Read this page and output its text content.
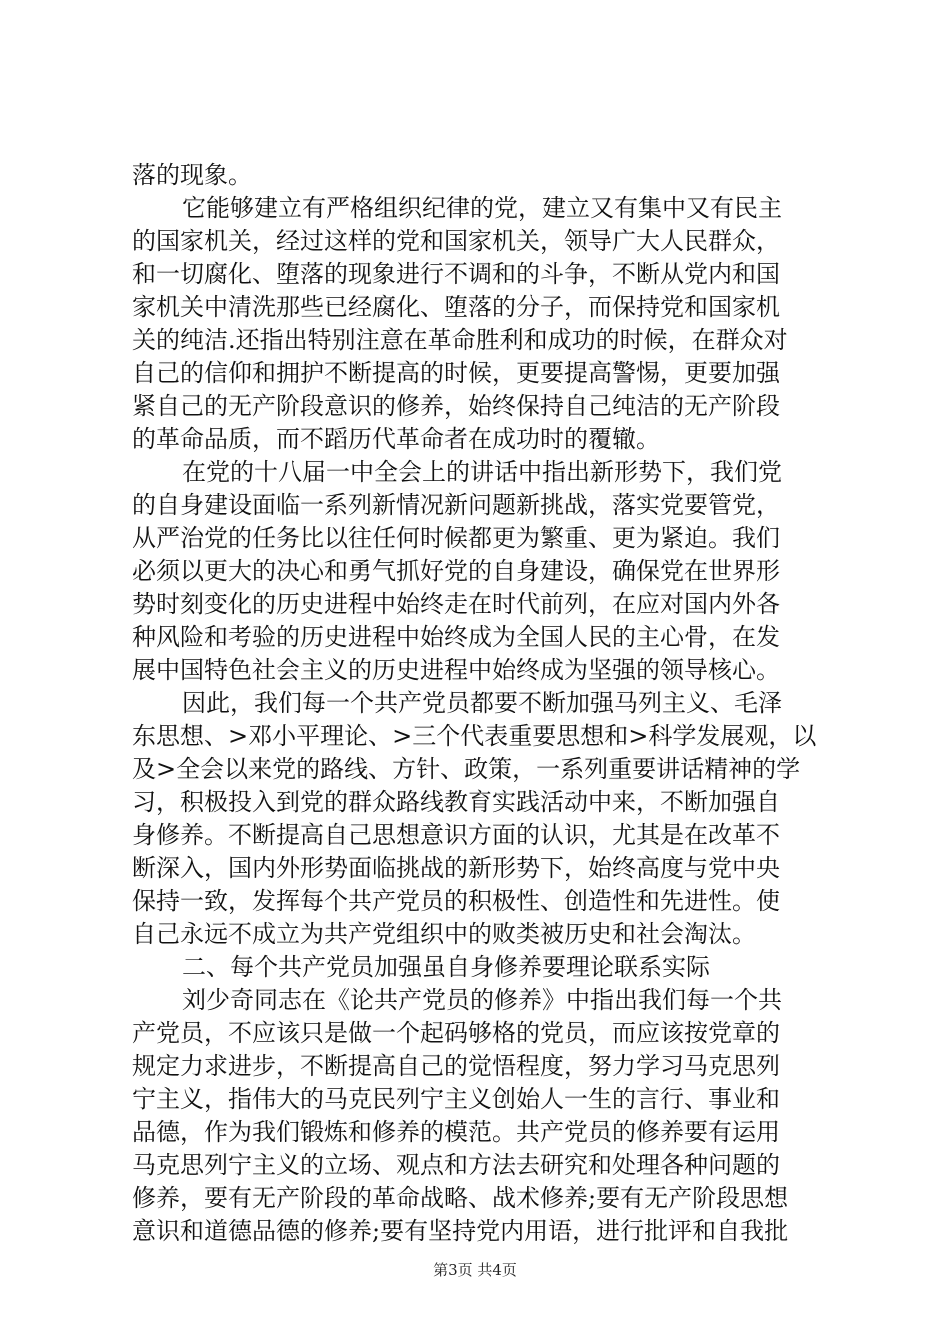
落的现象。
它能够建立有严格组织纪律的党，建立又有集中又有民主
的国家机关，经过这样的党和国家机关，领导广大人民群众，
和一切腐化、堕落的现象进行不调和的斗争，不断从党内和国
家机关中清洗那些已经腐化、堕落的分子，而保持党和国家机
关的纯洁.还指出特别注意在革命胜利和成功的时候，在群众对
自己的信仰和拥护不断提高的时候，更要提高警惕，更要加强
紧自己的无产阶段意识的修养，始终保持自己纯洁的无产阶段
的革命品质，而不蹈历代革命者在成功时的覆辙。
在党的十八届一中全会上的讲话中指出新形势下，我们党
的自身建设面临一系列新情况新问题新挑战，落实党要管党，
从严治党的任务比以往任何时候都更为繁重、更为紧迫。我们
必须以更大的决心和勇气抓好党的自身建设，确保党在世界形
势时刻变化的历史进程中始终走在时代前列，在应对国内外各
种风险和考验的历史进程中始终成为全国人民的主心骨，在发
展中国特色社会主义的历史进程中始终成为坚强的领导核心。
因此，我们每一个共产党员都要不断加强马列主义、毛泽
东思想、>邓小平理论、>三个代表重要思想和>科学发展观，以
及>全会以来党的路线、方针、政策，一系列重要讲话精神的学
习，积极投入到党的群众路线教育实践活动中来，不断加强自
身修养。不断提高自己思想意识方面的认识，尤其是在改革不
断深入，国内外形势面临挑战的新形势下，始终高度与党中央
保持一致，发挥每个共产党员的积极性、创造性和先进性。使
自己永远不成立为共产党组织中的败类被历史和社会淘汰。
二、每个共产党员加强虽自身修养要理论联系实际
刘少奇同志在《论共产党员的修养》中指出我们每一个共
产党员，不应该只是做一个起码够格的党员，而应该按党章的
规定力求进步，不断提高自己的觉悟程度，努力学习马克思列
宁主义，指伟大的马克民列宁主义创始人一生的言行、事业和
品德，作为我们锻炼和修养的模范。共产党员的修养要有运用
马克思列宁主义的立场、观点和方法去研究和处理各种问题的
修养，要有无产阶段的革命战略、战术修养;要有无产阶段思想
意识和道德品德的修养;要有坚持党内用语，进行批评和自我批
第3页 共4页
